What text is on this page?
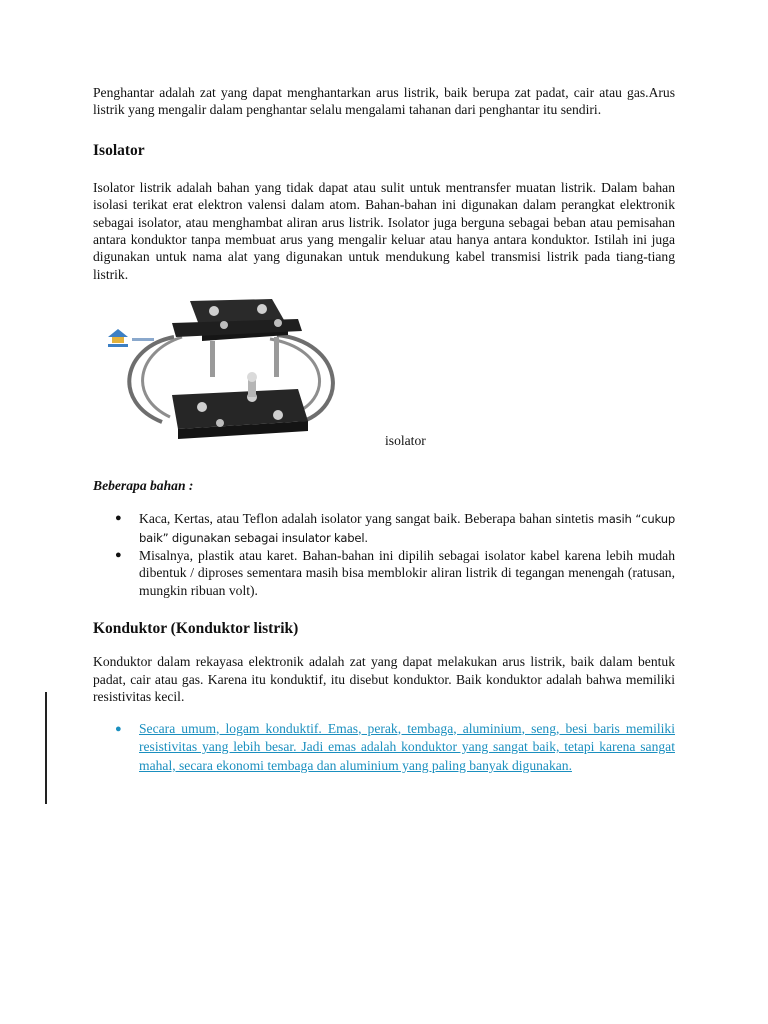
Penghantar adalah zat yang dapat menghantarkan arus listrik, baik berupa zat padat, cair atau gas.Arus listrik yang mengalir dalam penghantar selalu mengalami tahanan dari penghantar itu sendiri.

Isolator

Isolator listrik adalah bahan yang tidak dapat atau sulit untuk mentransfer muatan listrik. Dalam bahan isolasi terikat erat elektron valensi dalam atom. Bahan-bahan ini digunakan dalam perangkat elektronik sebagai isolator, atau menghambat aliran arus listrik. Isolator juga berguna sebagai beban atau pemisahan antara konduktor tanpa membuat arus yang mengalir keluar atau hanya antara konduktor. Istilah ini juga digunakan untuk nama alat yang digunakan untuk mendukung kabel transmisi listrik pada tiang-tiang listrik.

isolator
Beberapa bahan :
● Kaca, Kertas, atau Teflon adalah isolator yang sangat baik. Beberapa bahan sintetis masih “cukup baik” digunakan sebagai insulator kabel.
● Misalnya, plastik atau karet. Bahan-bahan ini dipilih sebagai isolator kabel karena lebih mudah dibentuk / diproses sementara masih bisa memblokir aliran listrik di tegangan menengah (ratusan, mungkin ribuan volt).
Konduktor (Konduktor listrik)

Konduktor dalam rekayasa elektronik adalah zat yang dapat melakukan arus listrik, baik dalam bentuk padat, cair atau gas. Karena itu konduktif, itu disebut konduktor. Baik konduktor adalah bahwa memiliki resistivitas kecil.

● Secara umum, logam konduktif. Emas, perak, tembaga, aluminium, seng, besi baris memiliki resistivitas yang lebih besar. Jadi emas adalah konduktor yang sangat baik, tetapi karena sangat mahal, secara ekonomi tembaga dan aluminium yang paling banyak digunakan.
